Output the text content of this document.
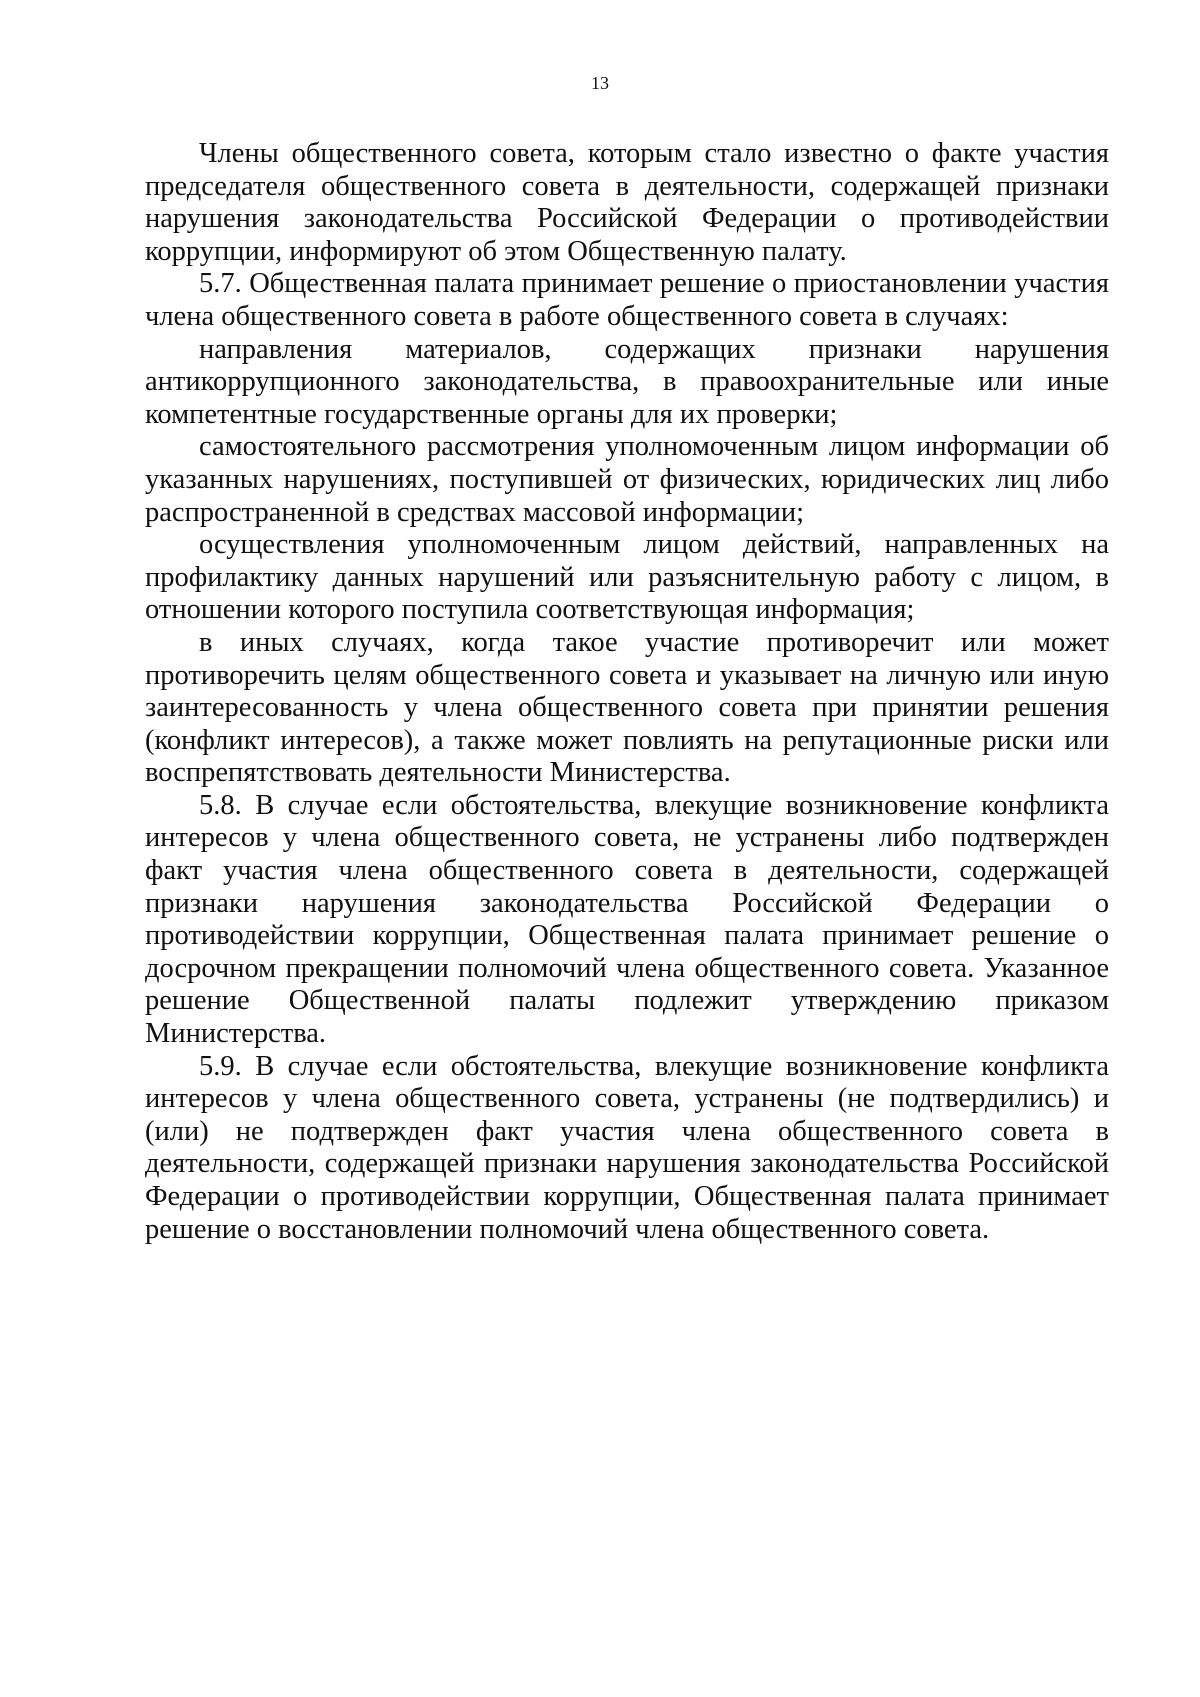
13

Члены общественного совета, которым стало известно о факте участия председателя общественного совета в деятельности, содержащей признаки нарушения законодательства Российской Федерации о противодействии коррупции, информируют об этом Общественную палату.

5.7. Общественная палата принимает решение о приостановлении участия члена общественного совета в работе общественного совета в случаях:

направления материалов, содержащих признаки нарушения антикоррупционного законодательства, в правоохранительные или иные компетентные государственные органы для их проверки;

самостоятельного рассмотрения уполномоченным лицом информации об указанных нарушениях, поступившей от физических, юридических лиц либо распространенной в средствах массовой информации;

осуществления уполномоченным лицом действий, направленных на профилактику данных нарушений или разъяснительную работу с лицом, в отношении которого поступила соответствующая информация;

в иных случаях, когда такое участие противоречит или может противоречить целям общественного совета и указывает на личную или иную заинтересованность у члена общественного совета при принятии решения (конфликт интересов), а также может повлиять на репутационные риски или воспрепятствовать деятельности Министерства.

5.8. В случае если обстоятельства, влекущие возникновение конфликта интересов у члена общественного совета, не устранены либо подтвержден факт участия члена общественного совета в деятельности, содержащей признаки нарушения законодательства Российской Федерации о противодействии коррупции, Общественная палата принимает решение о досрочном прекращении полномочий члена общественного совета. Указанное решение Общественной палаты подлежит утверждению приказом Министерства.

5.9. В случае если обстоятельства, влекущие возникновение конфликта интересов у члена общественного совета, устранены (не подтвердились) и (или) не подтвержден факт участия члена общественного совета в деятельности, содержащей признаки нарушения законодательства Российской Федерации о противодействии коррупции, Общественная палата принимает решение о восстановлении полномочий члена общественного совета.
